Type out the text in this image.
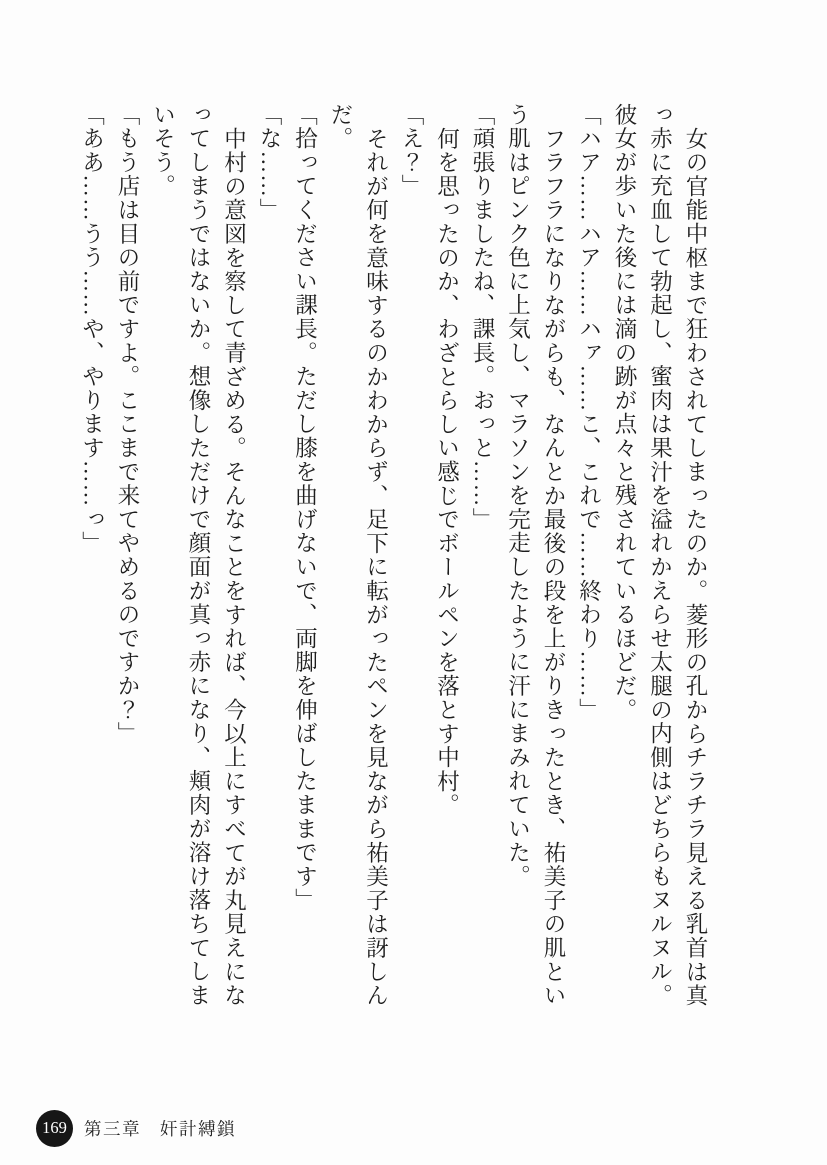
女の官能中枢まで狂わされてしまったのか。菱形の孔からチラチラ見える乳首は真
っ赤に充血して勃起し、蜜肉は果汁を溢れかえらせ太腿の内側はどちらもヌルヌル。
彼女が歩いた後には滴の跡が点々と残されているほどだ。
「ハア……ハア……ハァ……こ、これで……終わり……」
フラフラになりながらも、なんとか最後の段を上がりきったとき、祐美子の肌とい
う肌はピンク色に上気し、マラソンを完走したように汗にまみれていた。
「頑張りましたね、課長。おっと……」
何を思ったのか、わざとらしい感じでボールペンを落とす中村。
「え？」
それが何を意味するのかわからず、足下に転がったペンを見ながら祐美子は訝しん
だ。
「拾ってください課長。ただし膝を曲げないで、両脚を伸ばしたままです」
「な……」
中村の意図を察して青ざめる。そんなことをすれば、今以上にすべてが丸見えにな
ってしまうではないか。想像しただけで顔面が真っ赤になり、頬肉が溶け落ちてしま
いそう。
「もう店は目の前ですよ。ここまで来てやめるのですか？」
「ああ……うう……や、やります……っ」
169 第三章　奸計縛鎖
